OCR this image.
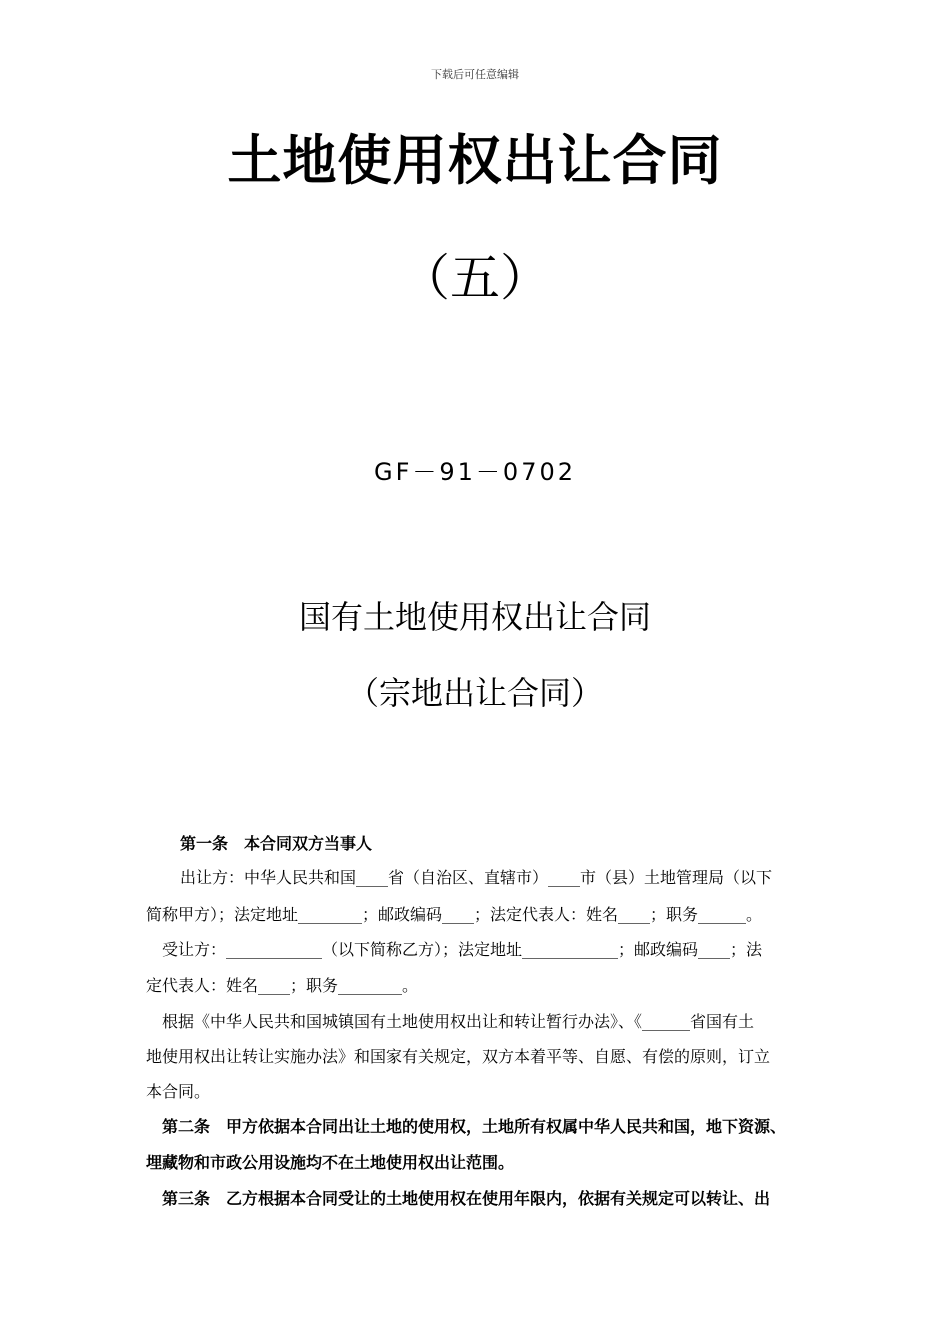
下载后可任意编辑
土地使用权出让合同
（五）
GF－91－0702
国有土地使用权出让合同
（宗地出让合同）
第一条　本合同双方当事人
出让方：中华人民共和国____省（自治区、直辖市）____市（县）土地管理局（以下
简称甲方）；法定地址________；邮政编码____；法定代表人：姓名____；职务______。
受让方：____________（以下简称乙方）；法定地址____________；邮政编码____；法
定代表人：姓名____；职务________。
根据《中华人民共和国城镇国有土地使用权出让和转让暂行办法》、《______省国有土
地使用权出让转让实施办法》和国家有关规定，双方本着平等、自愿、有偿的原则，订立
本合同。
第二条　甲方依据本合同出让土地的使用权，土地所有权属中华人民共和国，地下资源、
埋藏物和市政公用设施均不在土地使用权出让范围。
第三条　乙方根据本合同受让的土地使用权在使用年限内，依据有关规定可以转让、出
